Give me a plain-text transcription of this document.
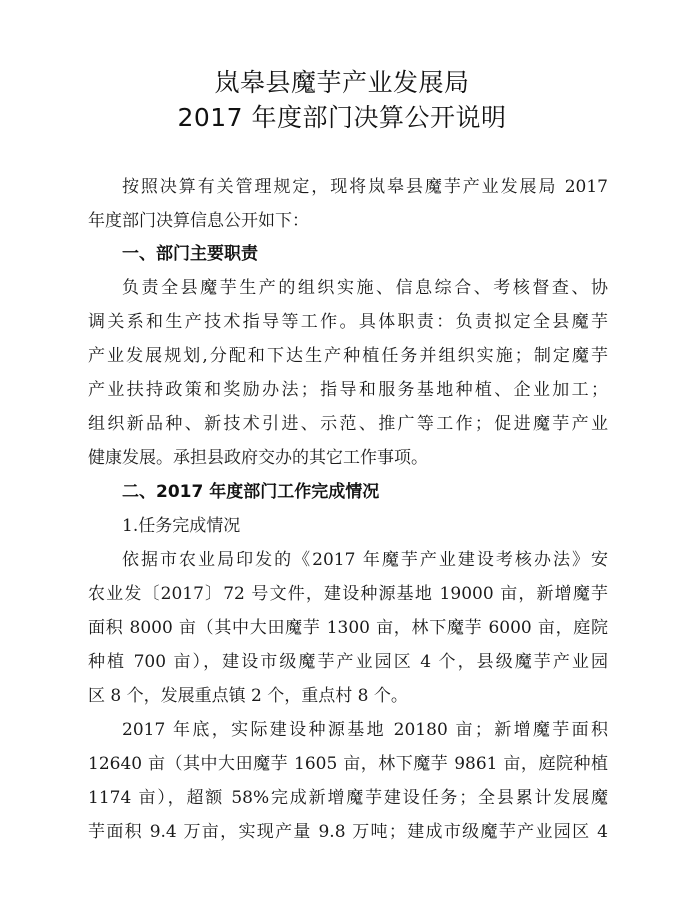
岚皋县魔芋产业发展局
2017 年度部门决算公开说明
按照决算有关管理规定，现将岚皋县魔芋产业发展局 2017
年度部门决算信息公开如下：
一、部门主要职责
负责全县魔芋生产的组织实施、信息综合、考核督查、协
调关系和生产技术指导等工作。具体职责：负责拟定全县魔芋
产业发展规划,分配和下达生产种植任务并组织实施；制定魔芋
产业扶持政策和奖励办法；指导和服务基地种植、企业加工；
组织新品种、新技术引进、示范、推广等工作；促进魔芋产业
健康发展。承担县政府交办的其它工作事项。
二、2017 年度部门工作完成情况
1.任务完成情况
依据市农业局印发的《2017 年魔芋产业建设考核办法》安
农业发〔2017〕72 号文件，建设种源基地 19000 亩，新增魔芋
面积 8000 亩（其中大田魔芋 1300 亩，林下魔芋 6000 亩，庭院
种植 700 亩），建设市级魔芋产业园区 4 个，县级魔芋产业园
区 8 个，发展重点镇 2 个，重点村 8 个。
2017 年底，实际建设种源基地 20180 亩；新增魔芋面积
12640 亩（其中大田魔芋 1605 亩，林下魔芋 9861 亩，庭院种植
1174 亩），超额 58%完成新增魔芋建设任务；全县累计发展魔
芋面积 9.4 万亩，实现产量 9.8 万吨；建成市级魔芋产业园区 4
